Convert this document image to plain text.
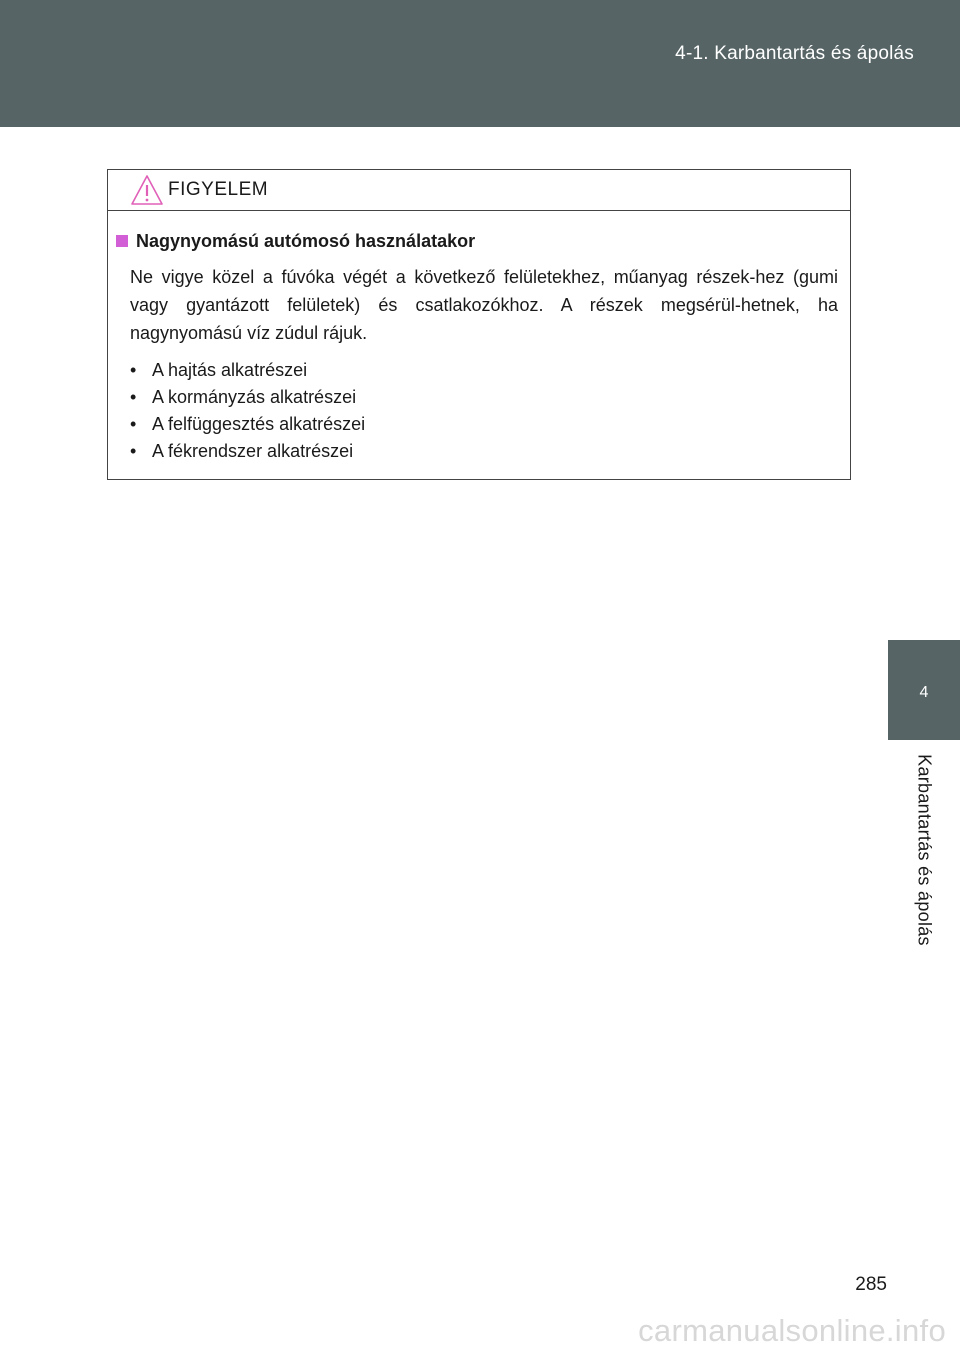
4-1. Karbantartás és ápolás
4
Karbantartás és ápolás
FIGYELEM
Nagynyomású autómosó használatakor

Ne vigye közel a fúvóka végét a következő felületekhez, műanyag részek-hez (gumi vagy gyantázott felületek) és csatlakozókhoz. A részek megsérül-hetnek, ha nagynyomású víz zúdul rájuk.

• A hajtás alkatrészei
• A kormányzás alkatrészei
• A felfüggesztés alkatrészei
• A fékrendszer alkatrészei
285
carmanualsonline.info
